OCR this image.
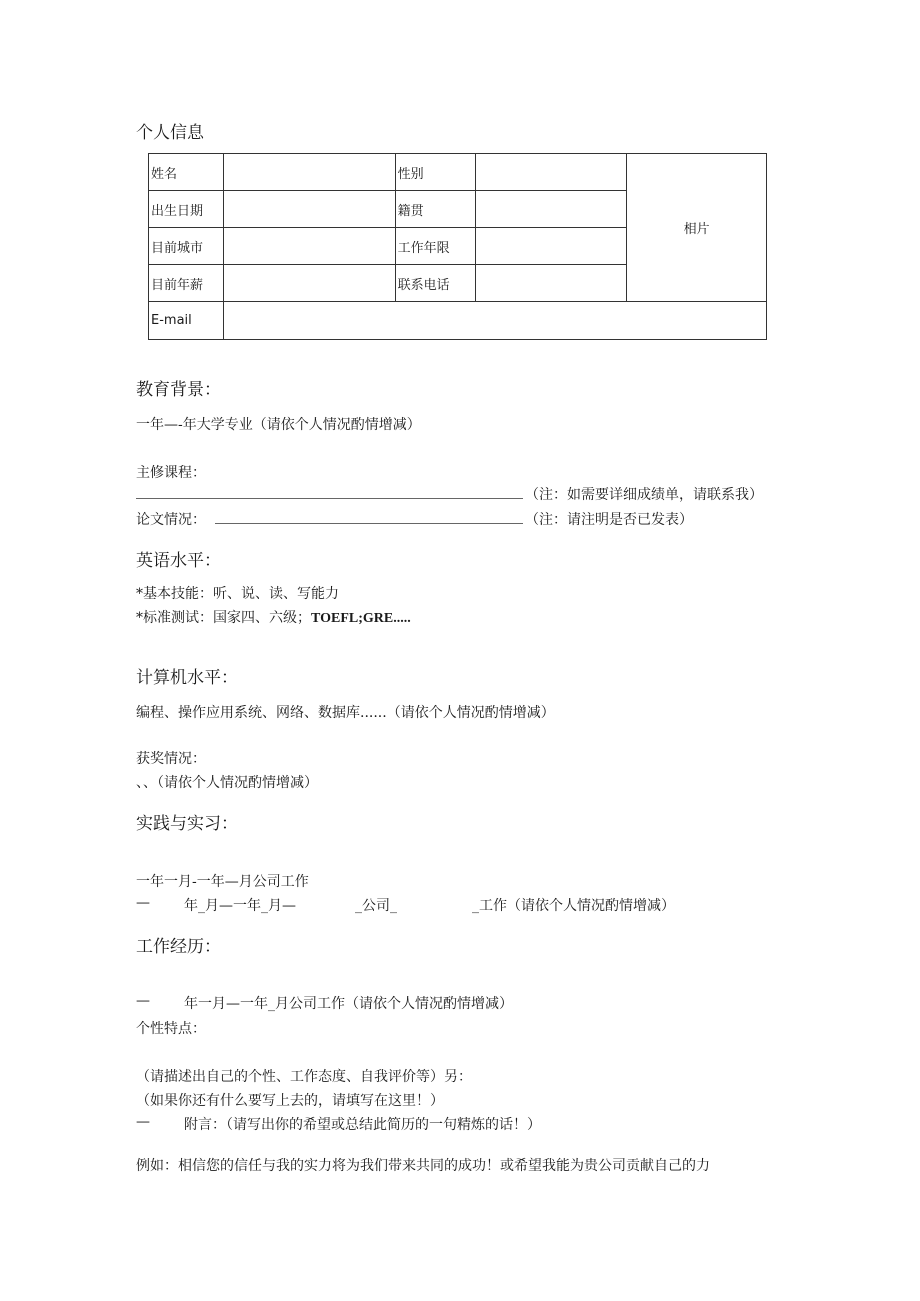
个人信息
姓名		性别		相片
出生日期		籍贯		
目前城市		工作年限		
目前年薪		联系电话		
E-mail				
教育背景：
一年—-年大学专业（请依个人情况酌情增减）
主修课程：
（注：如需要详细成绩单，请联系我）
论文情况：	（注：请注明是否已发表）
英语水平：
*基本技能：听、说、读、写能力
*标准测试：国家四、六级；TOEFL;GRE.....
计算机水平：
编程、操作应用系统、网络、数据库......（请依个人情况酌情增减）
获奖情况：
、、（请依个人情况酌情增减）
实践与实习：
一年一月-一年—月公司工作
— 年_月—一年_月—	_公司_	_工作（请依个人情况酌情增减）
工作经历：
— 年一月—一年_月公司工作（请依个人情况酌情增减）
个性特点：
（请描述出自己的个性、工作态度、自我评价等）另：
（如果你还有什么要写上去的，请填写在这里！）
— 附言：（请写出你的希望或总结此简历的一句精炼的话！）
例如：相信您的信任与我的实力将为我们带来共同的成功！或希望我能为贵公司贡献自己的力
